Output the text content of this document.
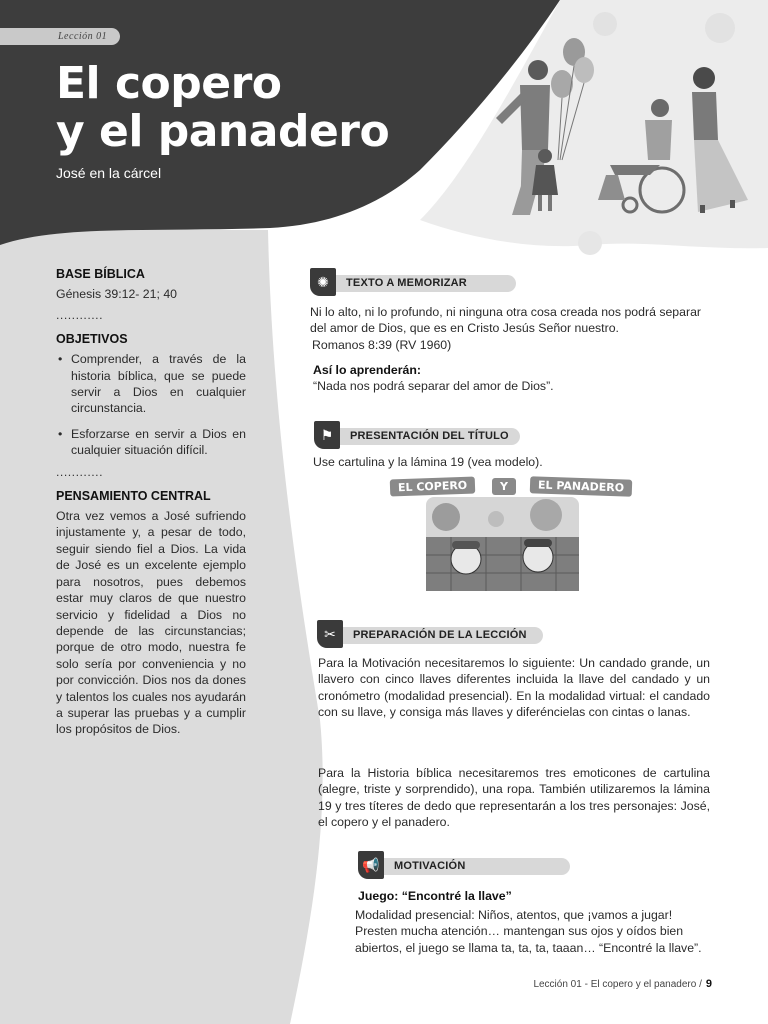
Lección 01
El copero
y el panadero
José en la cárcel
BASE BÍBLICA
Génesis 39:12- 21; 40
............
OBJETIVOS
• Comprender, a través de la historia bíblica, que se puede servir a Dios en cualquier circunstancia.
• Esforzarse en servir a Dios en cualquier situación difícil.
............
PENSAMIENTO CENTRAL
Otra vez vemos a José sufriendo injustamente y, a pesar de todo, seguir siendo fiel a Dios. La vida de José es un excelente ejemplo para nosotros, pues debemos estar muy claros de que nuestro servicio y fidelidad a Dios no depende de las circunstancias; porque de otro modo, nuestra fe solo sería por conveniencia y no por convicción. Dios nos da dones y talentos los cuales nos ayudarán a superar las pruebas y a cumplir los propósitos de Dios.
TEXTO A MEMORIZAR
✺
Ni lo alto, ni lo profundo, ni ninguna otra cosa creada nos podrá separar del amor de Dios, que es en Cristo Jesús Señor nuestro.
Romanos 8:39 (RV 1960)
Así lo aprenderán:
“Nada nos podrá separar del amor de Dios”.
PRESENTACIÓN DEL TÍTULO
⚑
Use cartulina y la lámina 19 (vea modelo).
EL COPERO	Y	EL PANADERO
PREPARACIÓN DE LA LECCIÓN
✂
Para la Motivación necesitaremos lo siguiente: Un candado grande, un llavero con cinco llaves diferentes incluida la llave del candado y un cronómetro (modalidad presencial). En la modalidad virtual: el candado con su llave, y consiga más llaves y diferéncielas con cintas o lanas.
Para la Historia bíblica necesitaremos tres emoticones de cartulina (alegre, triste y sorprendido), una ropa. También utilizaremos la lámina 19 y tres títeres de dedo que representarán a los tres personajes: José, el copero y el panadero.
MOTIVACIÓN
📢
Juego: “Encontré la llave”
Modalidad presencial: Niños, atentos, que ¡vamos a jugar! Presten mucha atención… mantengan sus ojos y oídos bien abiertos, el juego se llama ta, ta, ta, taaan… “Encontré la llave”.
Lección 01 - El copero y el panadero / 9
